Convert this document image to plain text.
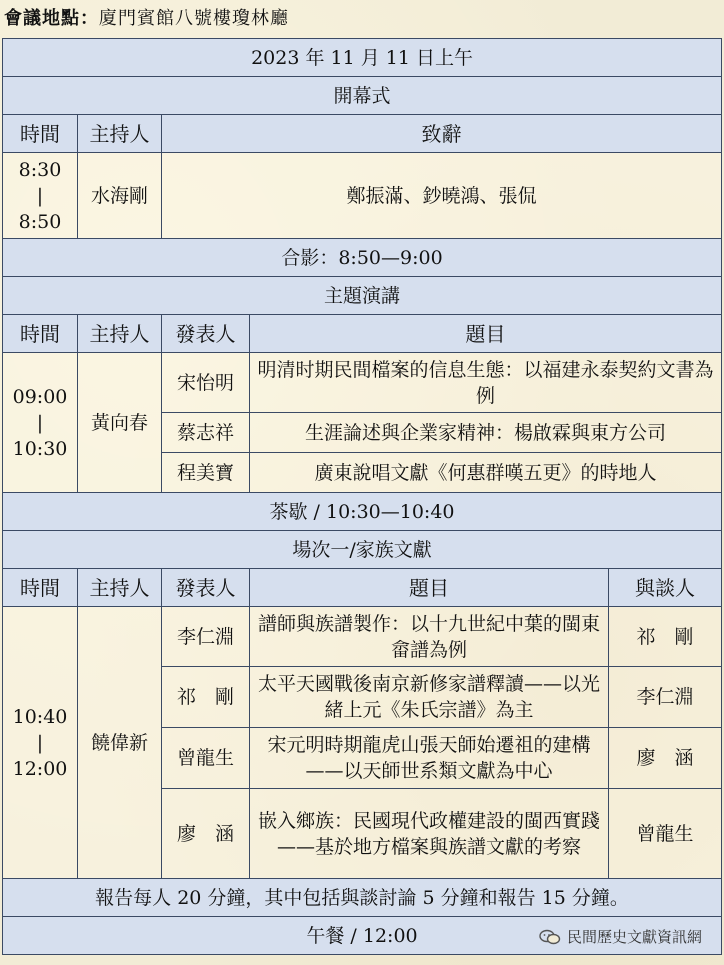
會議地點：廈門賓館八號樓瓊林廳
2023 年 11 月 11 日上午				
開幕式				
時間	主持人	致辭		

8:30
|
8:50	水海剛	鄭振滿、鈔曉鴻、張侃		
合影：8:50—9:00				
主題演講				
時間	主持人	發表人	題目	

09:00
|
10:30	黃向春	宋怡明	明清时期民間檔案的信息生態：以福建永泰契約文書為例	
		蔡志祥	生涯論述與企業家精神：楊啟霖與東方公司	
		程美寶	廣東說唱文獻《何惠群嘆五更》的時地人	
茶歇 / 10:30—10:40				
場次一/家族文獻				
時間	主持人	發表人	題目	與談人

10:40
|
12:00	饒偉新	李仁淵	譜師與族譜製作：以十九世紀中葉的閩東畲譜為例	祁　剛
		祁　剛	太平天國戰後南京新修家譜釋讀——以光緒上元《朱氏宗譜》為主	李仁淵
		曾龍生	宋元明時期龍虎山張天師始遷祖的建構——以天師世系類文獻為中心	廖　涵
		廖　涵	嵌入鄉族：民國現代政權建設的閩西實踐——基於地方檔案與族譜文獻的考察	曾龍生
報告每人 20 分鐘，其中包括與談討論 5 分鐘和報告 15 分鐘。				
午餐 / 12:00					民間歷史文獻資訊網
